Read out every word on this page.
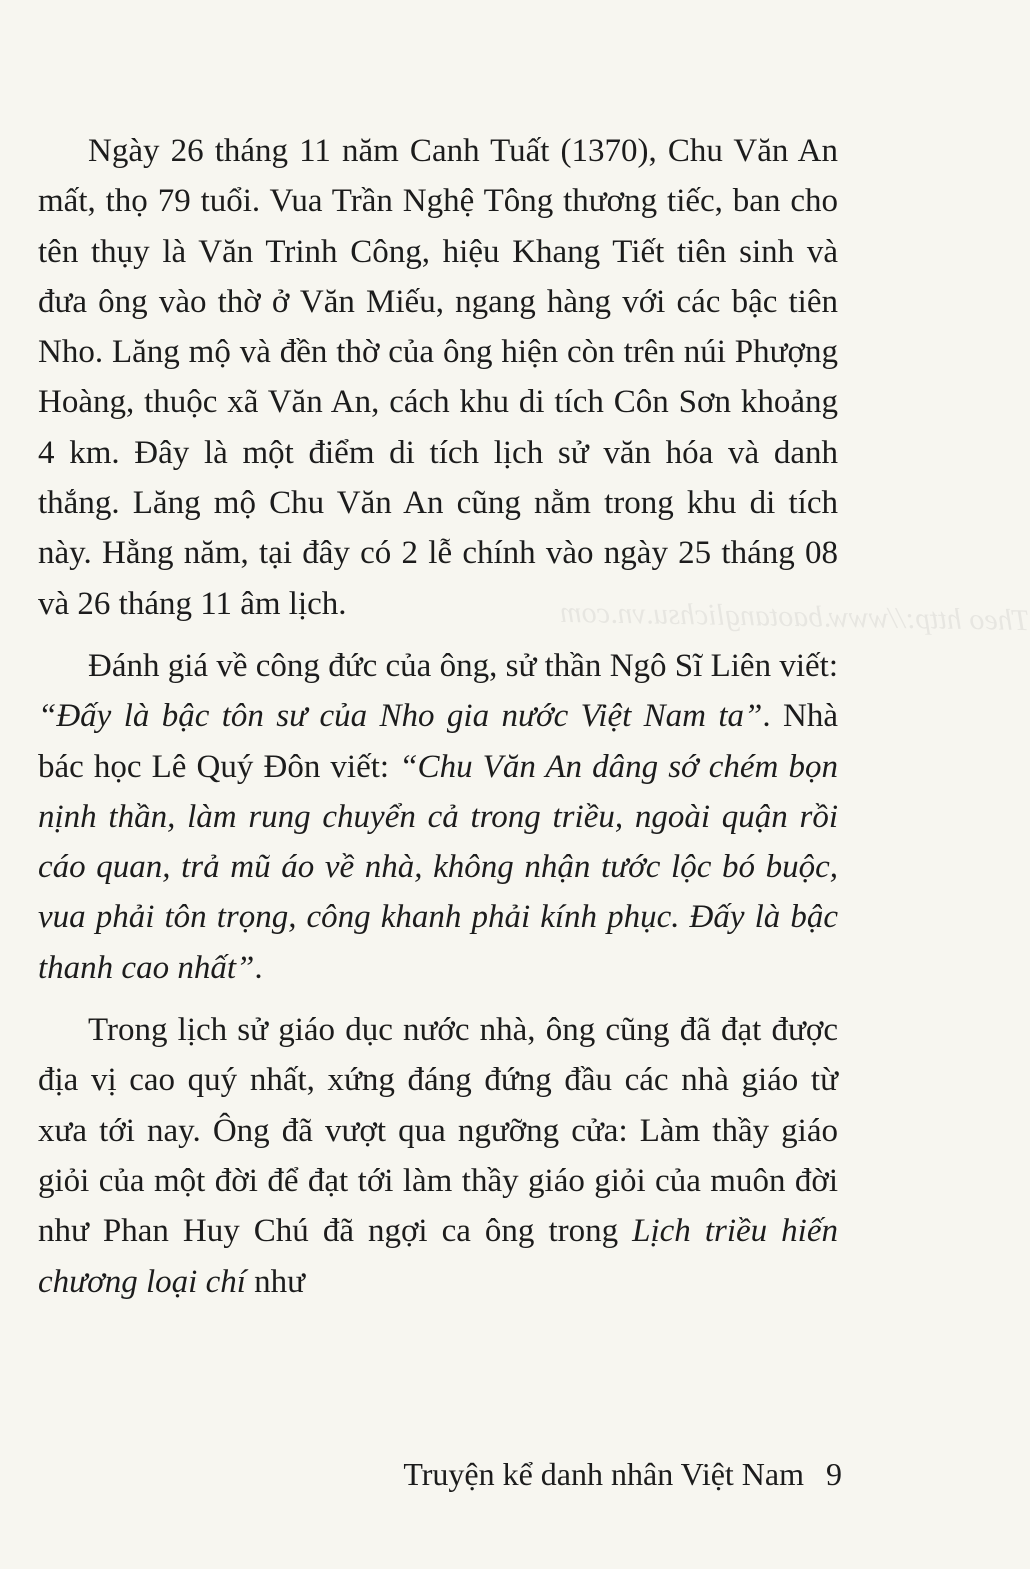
Theo http://www.baotanglichsu.vn.com

Ngày 26 tháng 11 năm Canh Tuất (1370), Chu Văn An mất, thọ 79 tuổi. Vua Trần Nghệ Tông thương tiếc, ban cho tên thụy là Văn Trinh Công, hiệu Khang Tiết tiên sinh và đưa ông vào thờ ở Văn Miếu, ngang hàng với các bậc tiên Nho. Lăng mộ và đền thờ của ông hiện còn trên núi Phượng Hoàng, thuộc xã Văn An, cách khu di tích Côn Sơn khoảng 4 km. Đây là một điểm di tích lịch sử văn hóa và danh thắng. Lăng mộ Chu Văn An cũng nằm trong khu di tích này. Hằng năm, tại đây có 2 lễ chính vào ngày 25 tháng 08 và 26 tháng 11 âm lịch.

Đánh giá về công đức của ông, sử thần Ngô Sĩ Liên viết: “Đấy là bậc tôn sư của Nho gia nước Việt Nam ta”. Nhà bác học Lê Quý Đôn viết: “Chu Văn An dâng sớ chém bọn nịnh thần, làm rung chuyển cả trong triều, ngoài quận rồi cáo quan, trả mũ áo về nhà, không nhận tước lộc bó buộc, vua phải tôn trọng, công khanh phải kính phục. Đấy là bậc thanh cao nhất”.

Trong lịch sử giáo dục nước nhà, ông cũng đã đạt được địa vị cao quý nhất, xứng đáng đứng đầu các nhà giáo từ xưa tới nay. Ông đã vượt qua ngưỡng cửa: Làm thầy giáo giỏi của một đời để đạt tới làm thầy giáo giỏi của muôn đời như Phan Huy Chú đã ngợi ca ông trong Lịch triều hiến chương loại chí như

Truyện kể danh nhân Việt Nam 9
